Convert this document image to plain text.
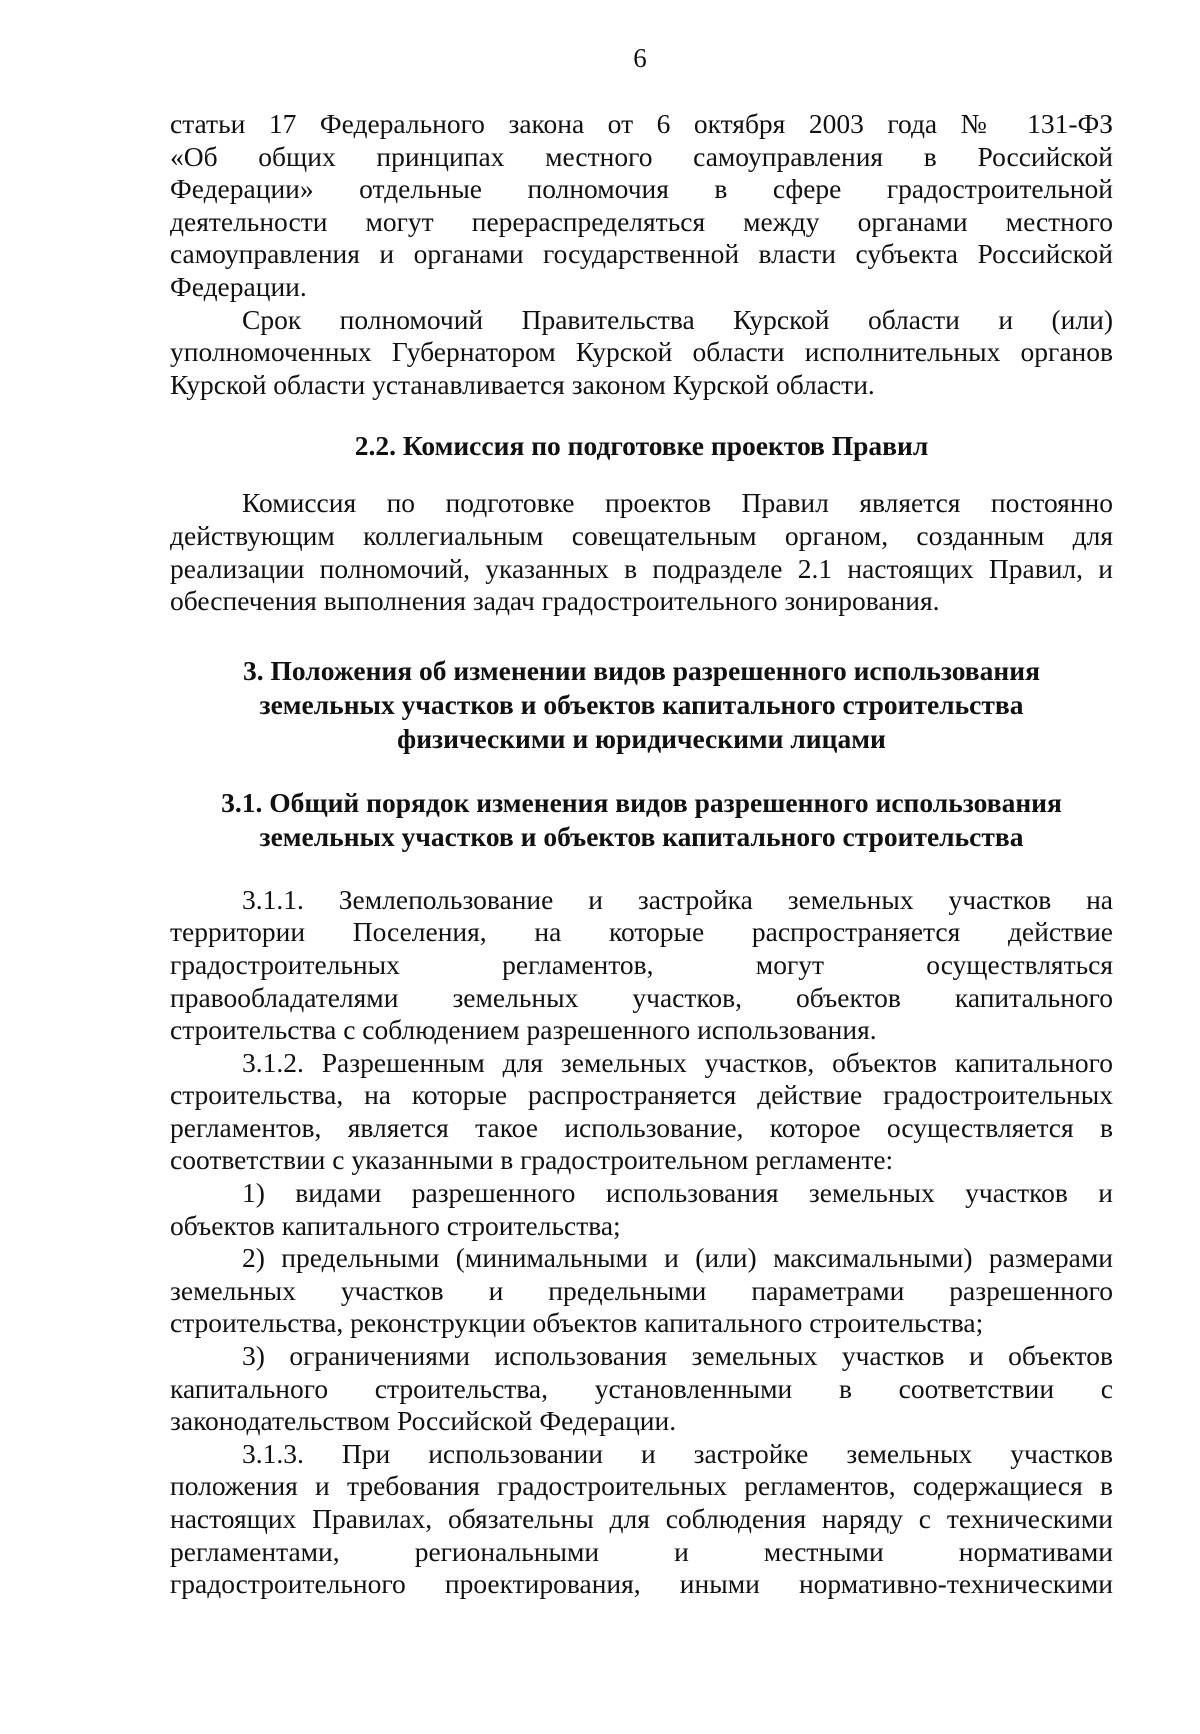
6

статьи 17 Федерального закона от 6 октября 2003 года № 131-ФЗ
«Об общих принципах местного самоуправления в Российской
Федерации» отдельные полномочия в сфере градостроительной
деятельности могут перераспределяться между органами местного
самоуправления и органами государственной власти субъекта Российской
Федерации.

Срок полномочий Правительства Курской области и (или)
уполномоченных Губернатором Курской области исполнительных органов
Курской области устанавливается законом Курской области.

2.2. Комиссия по подготовке проектов Правил

Комиссия по подготовке проектов Правил является постоянно
действующим коллегиальным совещательным органом, созданным для
реализации полномочий, указанных в подразделе 2.1 настоящих Правил, и
обеспечения выполнения задач градостроительного зонирования.

3. Положения об изменении видов разрешенного использования
земельных участков и объектов капитального строительства
физическими и юридическими лицами

3.1. Общий порядок изменения видов разрешенного использования
земельных участков и объектов капитального строительства

3.1.1. Землепользование и застройка земельных участков на
территории Поселения, на которые распространяется действие
градостроительных регламентов, могут осуществляться
правообладателями земельных участков, объектов капитального
строительства с соблюдением разрешенного использования.

3.1.2. Разрешенным для земельных участков, объектов капитального
строительства, на которые распространяется действие градостроительных
регламентов, является такое использование, которое осуществляется в
соответствии с указанными в градостроительном регламенте:

1) видами разрешенного использования земельных участков и
объектов капитального строительства;

2) предельными (минимальными и (или) максимальными) размерами
земельных участков и предельными параметрами разрешенного
строительства, реконструкции объектов капитального строительства;

3) ограничениями использования земельных участков и объектов
капитального строительства, установленными в соответствии с
законодательством Российской Федерации.

3.1.3. При использовании и застройке земельных участков
положения и требования градостроительных регламентов, содержащиеся в
настоящих Правилах, обязательны для соблюдения наряду с техническими
регламентами, региональными и местными нормативами
градостроительного проектирования, иными нормативно-техническими
